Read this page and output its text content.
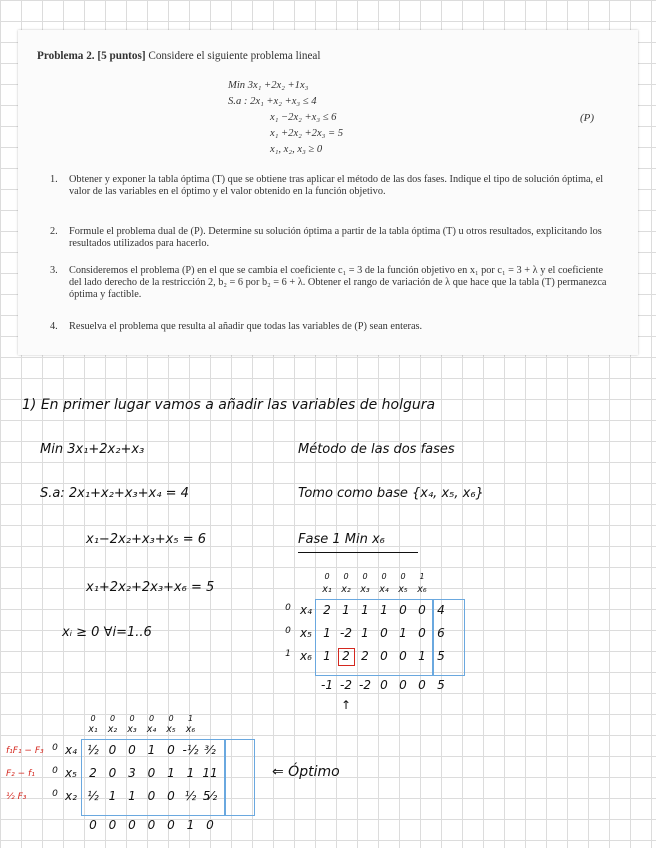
Problema 2. [5 puntos] Considere el siguiente problema lineal
Min 3x₁ +2x₂ +1x₃
S.a : 2x₁ +x₂ +x₃ ≤ 4
x₁ −2x₂ +x₃ ≤ 6
x₁ +2x₂ +2x₃ = 5
x₁, x₂, x₃ ≥ 0
(P)
1. Obtener y exponer la tabla óptima (T) que se obtiene tras aplicar el método de las dos fases. Indique el tipo de solución óptima, el valor de las variables en el óptimo y el valor obtenido en la función objetivo.
2. Formule el problema dual de (P). Determine su solución óptima a partir de la tabla óptima (T) u otros resultados, explicitando los resultados utilizados para hacerlo.
3. Consideremos el problema (P) en el que se cambia el coeficiente c₁ = 3 de la función objetivo en x₁ por c₁ = 3 + λ y el coeficiente del lado derecho de la restricción 2, b₂ = 6 por b₂ = 6 + λ. Obtener el rango de variación de λ que hace que la tabla (T) permanezca óptima y factible.
4. Resuelva el problema que resulta al añadir que todas las variables de (P) sean enteras.
1) En primer lugar vamos a añadir las variables de holgura
Min 3x₁+2x₂+x₃	Método de las dos fases
Tomo como base {x₄, x₅, x₆}
S.a: 2x₁+x₂+x₃+x₄ = 4
x₁−2x₂+x₃+x₅ = 6
x₁+2x₂+2x₃+x₆ = 5
xᵢ ≥ 0 ∀i=1..6
Fase 1 Min x₆
⇐ Óptimo
0	0	0	0	0	1
x₁	x₂	x₃	x₄	x₅	x₆
0 x₄ 2 1 1 1 0 0 4
0 x₅ 1 -2 1 0 1 0 6
1 x₆ 1 2 2 0 0 1 5
-1 -2 -2 0 0 0 5
↑
0	0	0	0	0	1
x₁	x₂	x₃	x₄	x₅	x₆
f₁F₁ − F₃ 0 x₄ ½ 0 0 1 0 -½ ³⁄₂
F₂ − f₁	0 x₅	2 0 3 0 1 1 11
½ F₃	0 x₂ ½ 1 1 0 0 ½ 5⁄₂
0 0 0 0 0 1 0
